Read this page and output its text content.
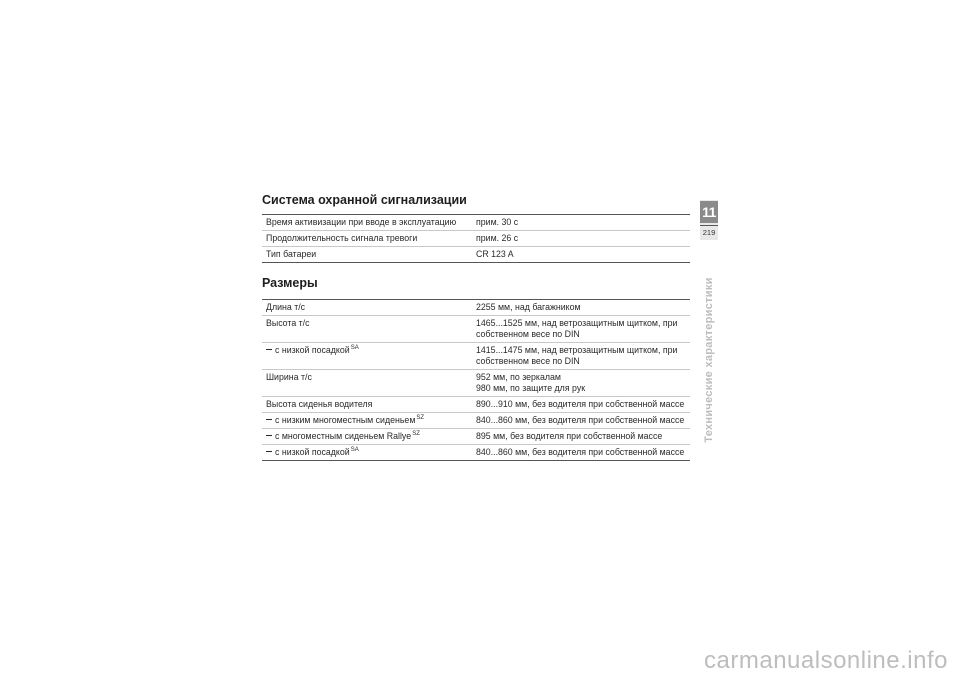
Система охранной сигнализации
Время активизации при вводе в эксплуатацию	прим. 30 с
Продолжительность сигнала тревоги	прим. 26 с
Тип батареи	CR 123 A
Размеры
Длина т/с	2255 мм, над багажником
Высота т/с	1465...1525 мм, над ветрозащитным щитком, при собственном весе по DIN
с низкой посадкой$^{SA}$	1415...1475 мм, над ветрозащитным щитком, при собственном весе по DIN
Ширина т/с	952 мм, по зеркалам
980 мм, по защите для рук

Высота сиденья водителя	890...910 мм, без водителя при собственной массе
с низким многоместным сиденьем$^{SZ}$	840...860 мм, без водителя при собственной массе
с многоместным сиденьем Rallye$^{SZ}$	895 мм, без водителя при собственной массе
с низкой посадкой$^{SA}$	840...860 мм, без водителя при собственной массе
11
219
Технические характеристики
carmanualsonline.info
